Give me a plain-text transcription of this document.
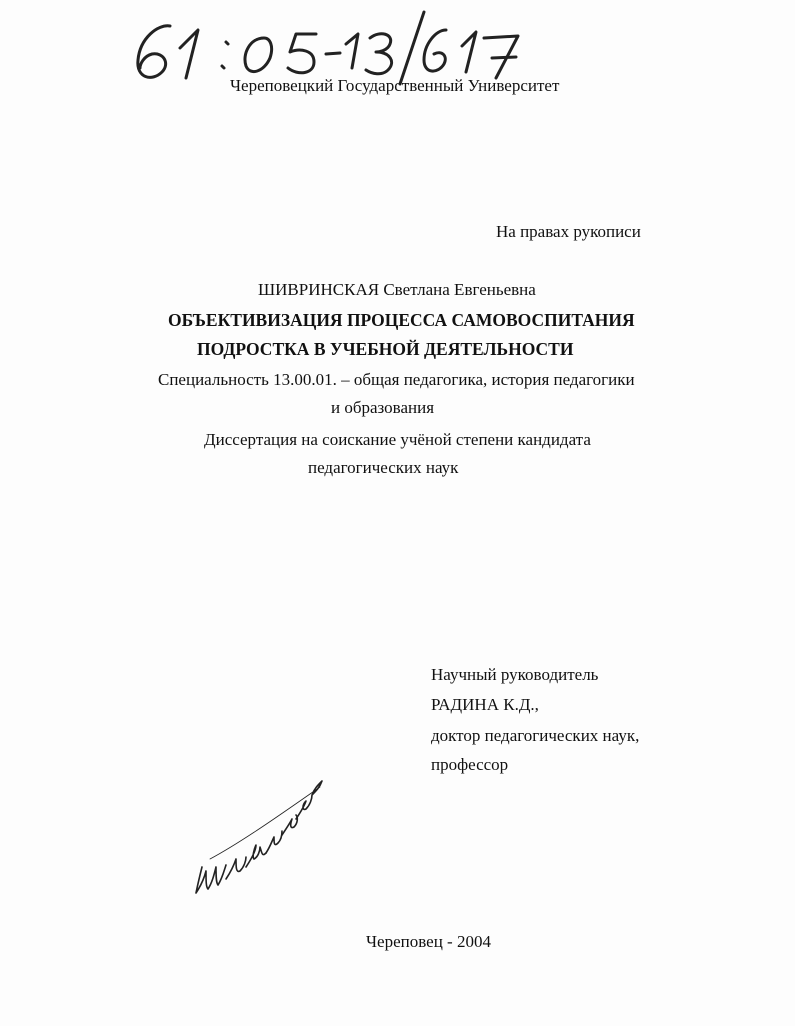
Череповецкий Государственный Университет
На правах рукописи
ШИВРИНСКАЯ Светлана Евгеньевна
ОБЪЕКТИВИЗАЦИЯ ПРОЦЕССА САМОВОСПИТАНИЯ
ПОДРОСТКА В УЧЕБНОЙ ДЕЯТЕЛЬНОСТИ
Специальность 13.00.01. – общая педагогика, история педагогики
и образования
Диссертация на соискание учёной степени кандидата
педагогических наук
Научный руководитель
РАДИНА К.Д.,
доктор педагогических наук,
профессор
Череповец - 2004
